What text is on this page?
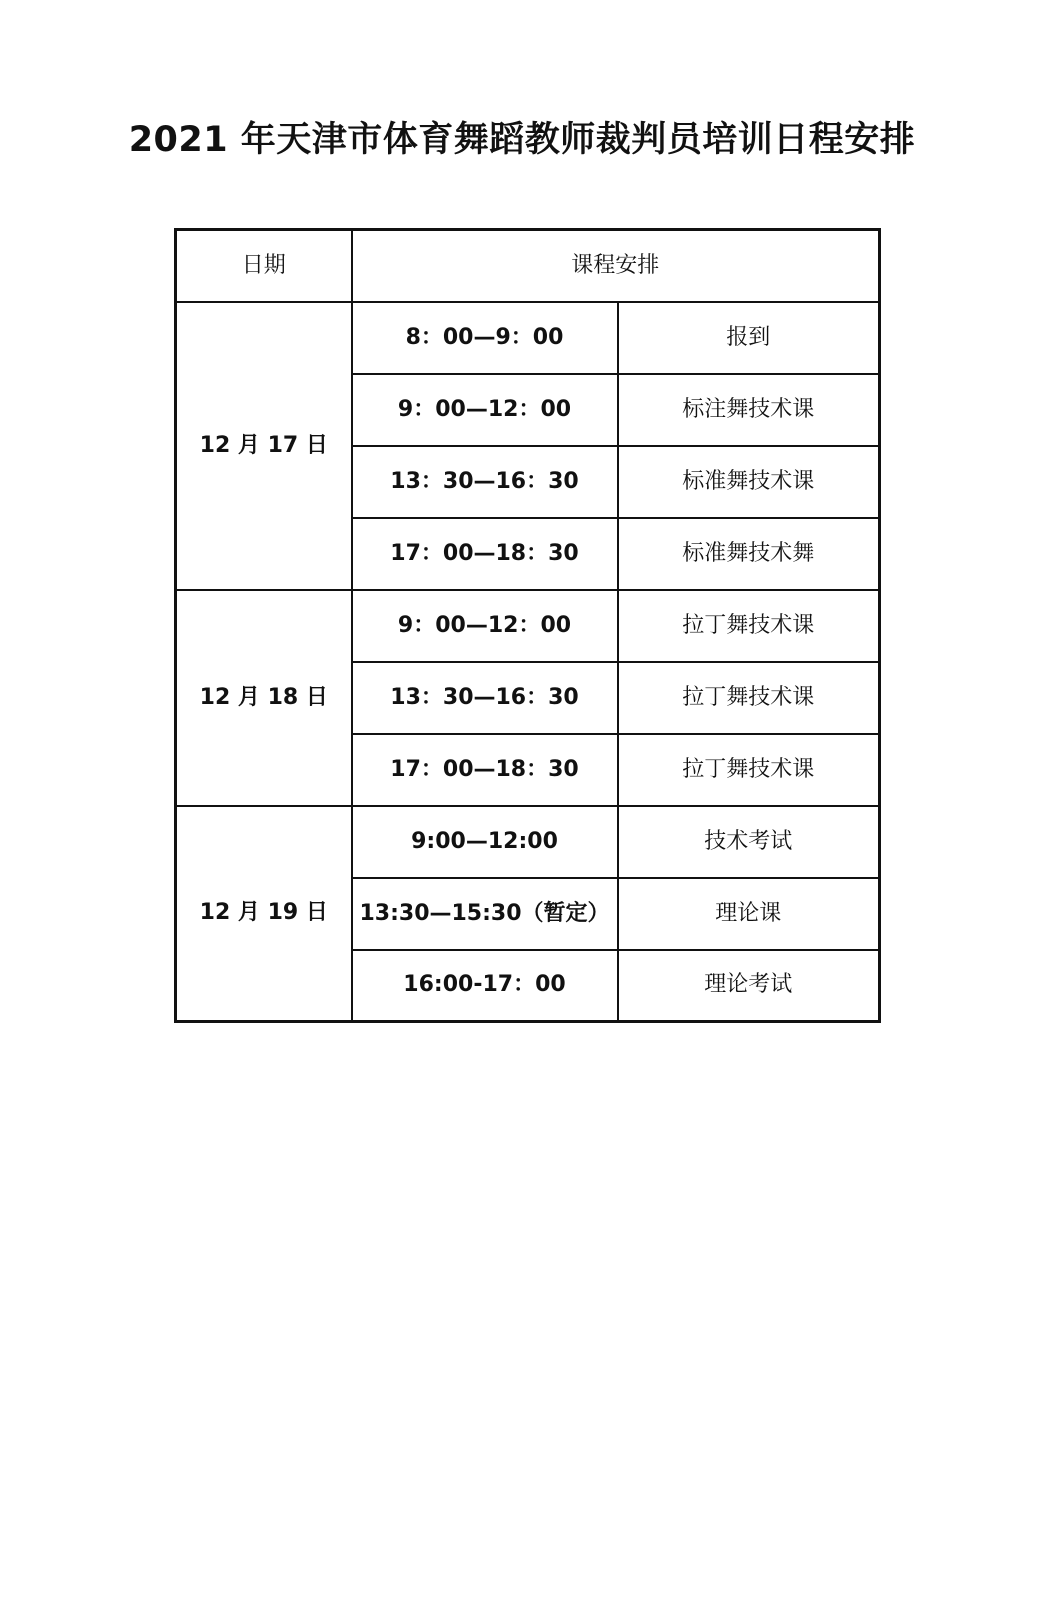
2021 年天津市体育舞蹈教师裁判员培训日程安排
日期	课程安排	
12 月 17 日	8：00—9：00	报到
	9：00—12：00	标注舞技术课
	13：30—16：30	标准舞技术课
	17：00—18：30	标准舞技术舞
12 月 18 日	9：00—12：00	拉丁舞技术课
	13：30—16：30	拉丁舞技术课
	17：00—18：30	拉丁舞技术课
12 月 19 日	9:00—12:00	技术考试
	13:30—15:30（暂定）	理论课
	16:00-17：00	理论考试
